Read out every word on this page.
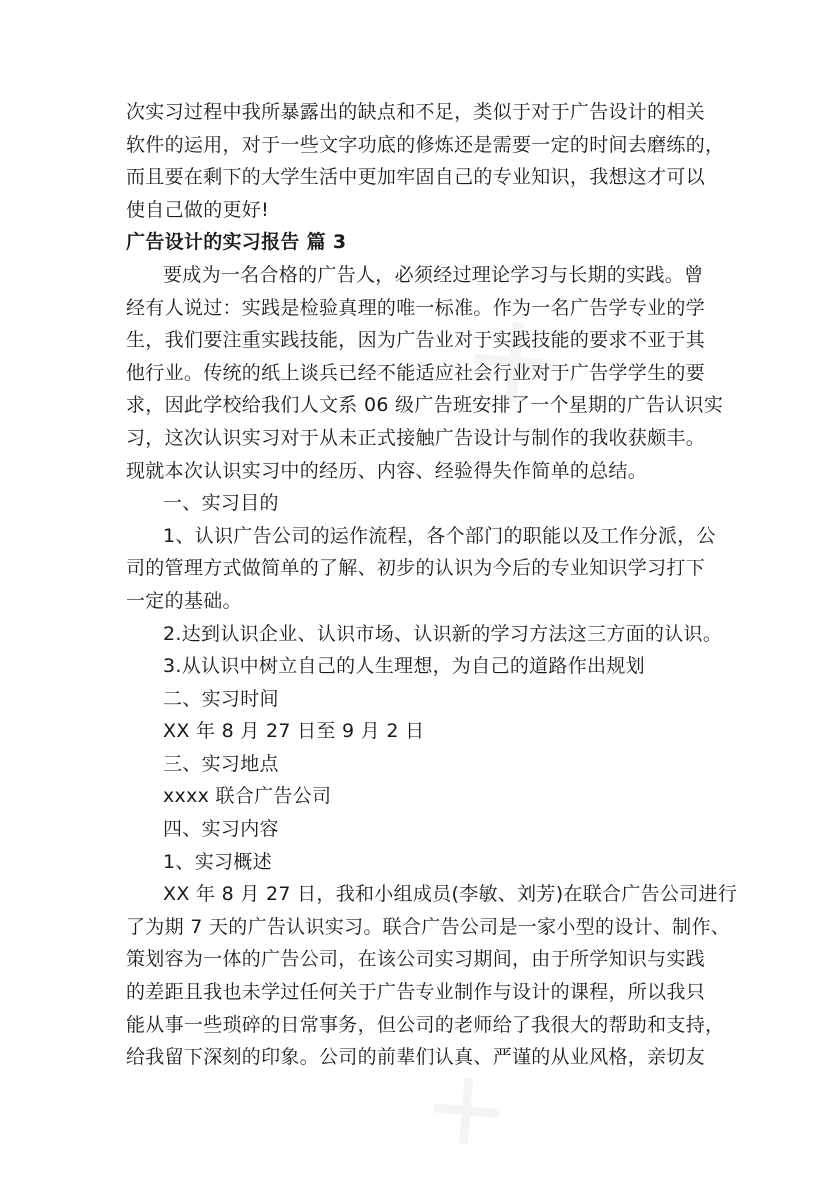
✕
✕
次实习过程中我所暴露出的缺点和不足，类似于对于广告设计的相关
软件的运用，对于一些文字功底的修炼还是需要一定的时间去磨练的，
而且要在剩下的大学生活中更加牢固自己的专业知识，我想这才可以
使自己做的更好!
广告设计的实习报告 篇 3
要成为一名合格的广告人，必须经过理论学习与长期的实践。曾
经有人说过：实践是检验真理的唯一标准。作为一名广告学专业的学
生，我们要注重实践技能，因为广告业对于实践技能的要求不亚于其
他行业。传统的纸上谈兵已经不能适应社会行业对于广告学学生的要
求，因此学校给我们人文系 06 级广告班安排了一个星期的广告认识实
习，这次认识实习对于从未正式接触广告设计与制作的我收获颇丰。
现就本次认识实习中的经历、内容、经验得失作简单的总结。
一、实习目的
1、认识广告公司的运作流程，各个部门的职能以及工作分派，公
司的管理方式做简单的了解、初步的认识为今后的专业知识学习打下
一定的基础。
2.达到认识企业、认识市场、认识新的学习方法这三方面的认识。
3.从认识中树立自己的人生理想，为自己的道路作出规划
二、实习时间
XX 年 8 月 27 日至 9 月 2 日
三、实习地点
xxxx 联合广告公司
四、实习内容
1、实习概述
XX 年 8 月 27 日，我和小组成员(李敏、刘芳)在联合广告公司进行
了为期 7 天的广告认识实习。联合广告公司是一家小型的设计、制作、
策划容为一体的广告公司，在该公司实习期间，由于所学知识与实践
的差距且我也未学过任何关于广告专业制作与设计的课程，所以我只
能从事一些琐碎的日常事务，但公司的老师给了我很大的帮助和支持，
给我留下深刻的印象。公司的前辈们认真、严谨的从业风格，亲切友
